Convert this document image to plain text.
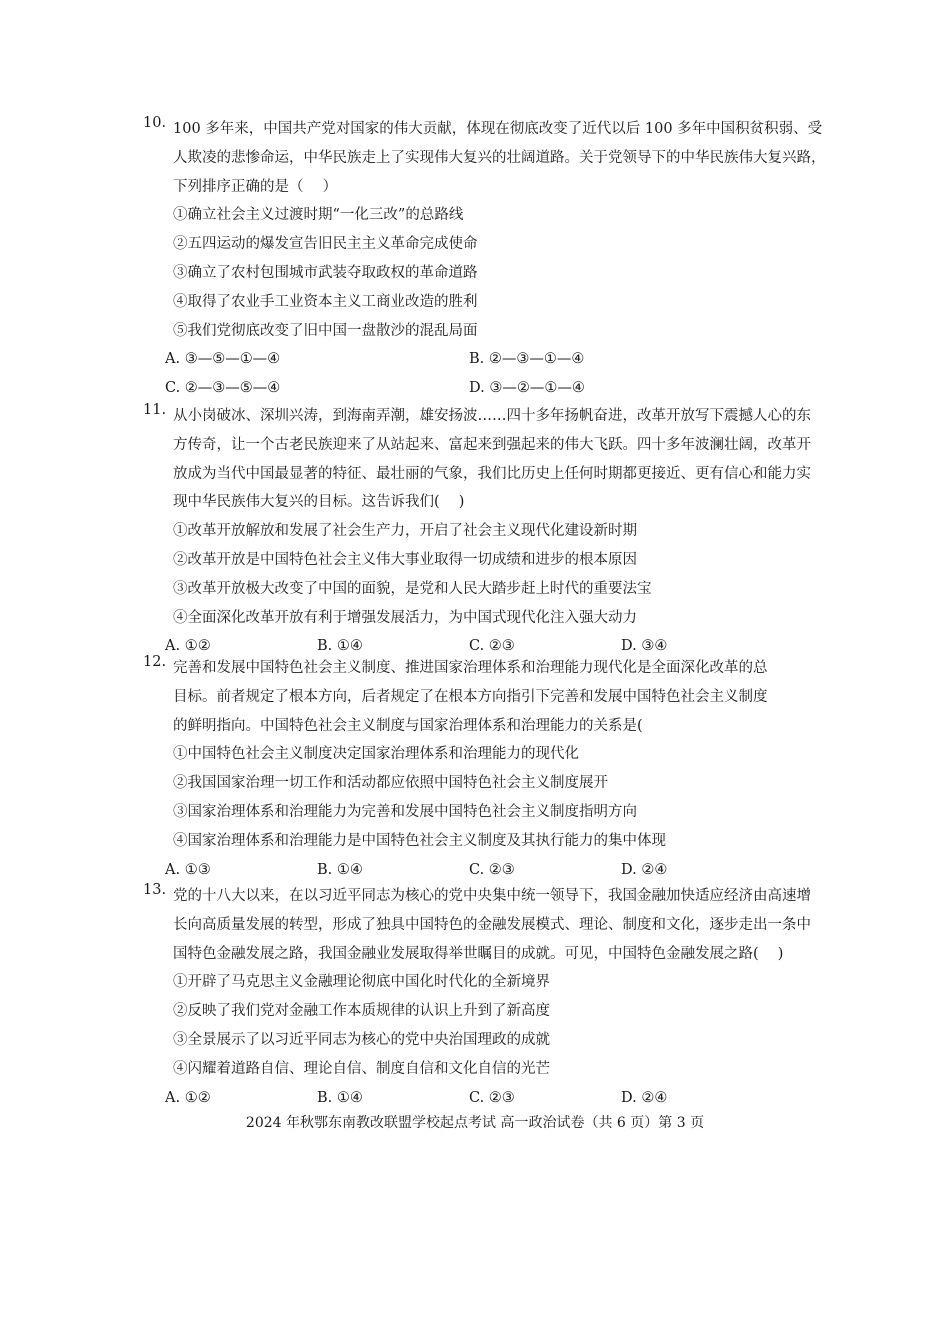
10. 100 多年来，中国共产党对国家的伟大贡献，体现在彻底改变了近代以后 100 多年中国积贫积弱、受
人欺凌的悲惨命运，中华民族走上了实现伟大复兴的壮阔道路。关于党领导下的中华民族伟大复兴路，
下列排序正确的是（　 ）
①确立社会主义过渡时期“一化三改”的总路线
②五四运动的爆发宣告旧民主主义革命完成使命
③确立了农村包围城市武装夺取政权的革命道路
④取得了农业手工业资本主义工商业改造的胜利
⑤我们党彻底改变了旧中国一盘散沙的混乱局面
A. ③—⑤—①—④	B. ②—③—①—④
C. ②—③—⑤—④	D. ③—②—①—④
11. 从小岗破冰、深圳兴涛，到海南弄潮，雄安扬波……四十多年扬帆奋进，改革开放写下震撼人心的东
方传奇，让一个古老民族迎来了从站起来、富起来到强起来的伟大飞跃。四十多年波澜壮阔，改革开
放成为当代中国最显著的特征、最壮丽的气象，我们比历史上任何时期都更接近、更有信心和能力实
现中华民族伟大复兴的目标。这告诉我们(　 )
①改革开放解放和发展了社会生产力，开启了社会主义现代化建设新时期
②改革开放是中国特色社会主义伟大事业取得一切成绩和进步的根本原因
③改革开放极大改变了中国的面貌，是党和人民大踏步赶上时代的重要法宝
④全面深化改革开放有利于增强发展活力，为中国式现代化注入强大动力
A. ①②	B. ①④	C. ②③	D. ③④
12. 完善和发展中国特色社会主义制度、推进国家治理体系和治理能力现代化是全面深化改革的总
目标。前者规定了根本方向，后者规定了在根本方向指引下完善和发展中国特色社会主义制度
的鲜明指向。中国特色社会主义制度与国家治理体系和治理能力的关系是(
①中国特色社会主义制度决定国家治理体系和治理能力的现代化
②我国国家治理一切工作和活动都应依照中国特色社会主义制度展开
③国家治理体系和治理能力为完善和发展中国特色社会主义制度指明方向
④国家治理体系和治理能力是中国特色社会主义制度及其执行能力的集中体现
A. ①③	B. ①④	C. ②③	D. ②④
13. 党的十八大以来，在以习近平同志为核心的党中央集中统一领导下，我国金融加快适应经济由高速增
长向高质量发展的转型，形成了独具中国特色的金融发展模式、理论、制度和文化，逐步走出一条中
国特色金融发展之路，我国金融业发展取得举世瞩目的成就。可见，中国特色金融发展之路(　 )
①开辟了马克思主义金融理论彻底中国化时代化的全新境界
②反映了我们党对金融工作本质规律的认识上升到了新高度
③全景展示了以习近平同志为核心的党中央治国理政的成就
④闪耀着道路自信、理论自信、制度自信和文化自信的光芒
A. ①②	B. ①④	C. ②③	D. ②④
2024 年秋鄂东南教改联盟学校起点考试 高一政治试卷（共 6 页）第 3 页
